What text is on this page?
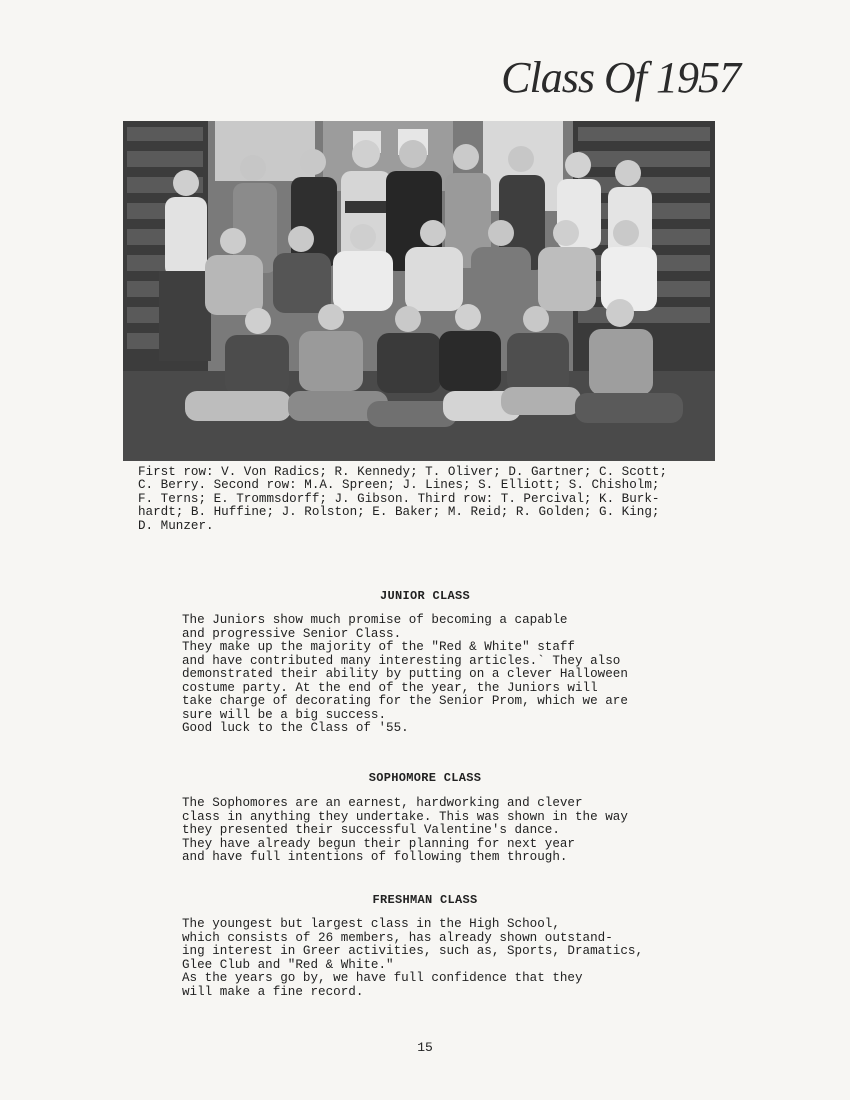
Class Of 1957

First row: V. Von Radics; R. Kennedy; T. Oliver; D. Gartner; C. Scott;
C. Berry. Second row: M.A. Spreen; J. Lines; S. Elliott; S. Chisholm;
F. Terns; E. Trommsdorff; J. Gibson. Third row: T. Percival; K. Burk-
hardt; B. Huffine; J. Rolston; E. Baker; M. Reid; R. Golden; G. King;
D. Munzer.

JUNIOR CLASS

The Juniors show much promise of becoming a capable
and progressive Senior Class.
They make up the majority of the "Red & White" staff
and have contributed many interesting articles.` They also
demonstrated their ability by putting on a clever Halloween
costume party. At the end of the year, the Juniors will
take charge of decorating for the Senior Prom, which we are
sure will be a big success.
Good luck to the Class of '55.

SOPHOMORE CLASS

The Sophomores are an earnest, hardworking and clever
class in anything they undertake. This was shown in the way
they presented their successful Valentine's dance.
They have already begun their planning for next year
and have full intentions of following them through.

FRESHMAN CLASS

The youngest but largest class in the High School,
which consists of 26 members, has already shown outstand-
ing interest in Greer activities, such as, Sports, Dramatics,
Glee Club and "Red & White."
As the years go by, we have full confidence that they
will make a fine record.

15
